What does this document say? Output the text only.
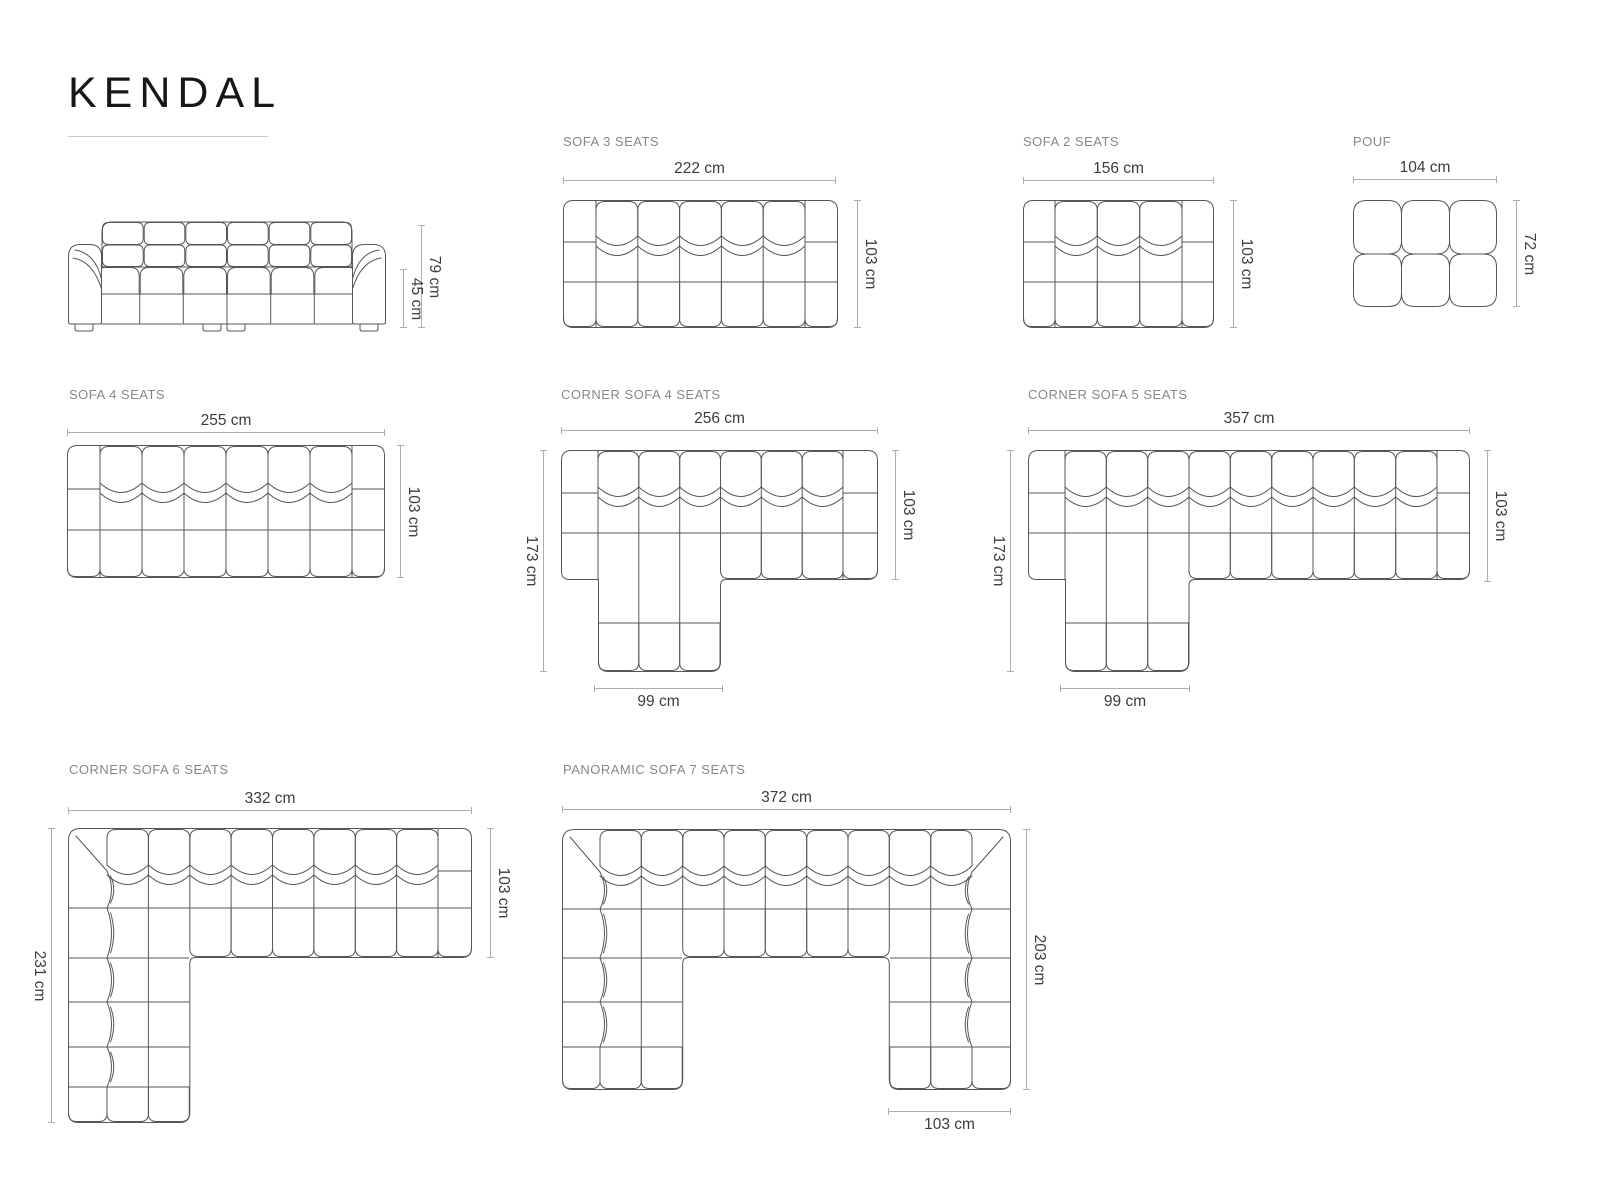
KENDAL
79 cm
45 cm
SOFA 3 SEATS
222 cm
103 cm
SOFA 2 SEATS
156 cm
103 cm
POUF
104 cm
72 cm
SOFA 4 SEATS
255 cm
103 cm
CORNER SOFA 4 SEATS
256 cm
173 cm
103 cm
99 cm
CORNER SOFA 5 SEATS
357 cm
173 cm
103 cm
99 cm
CORNER SOFA 6 SEATS
332 cm
231 cm
103 cm
PANORAMIC SOFA 7 SEATS
372 cm
203 cm
103 cm
